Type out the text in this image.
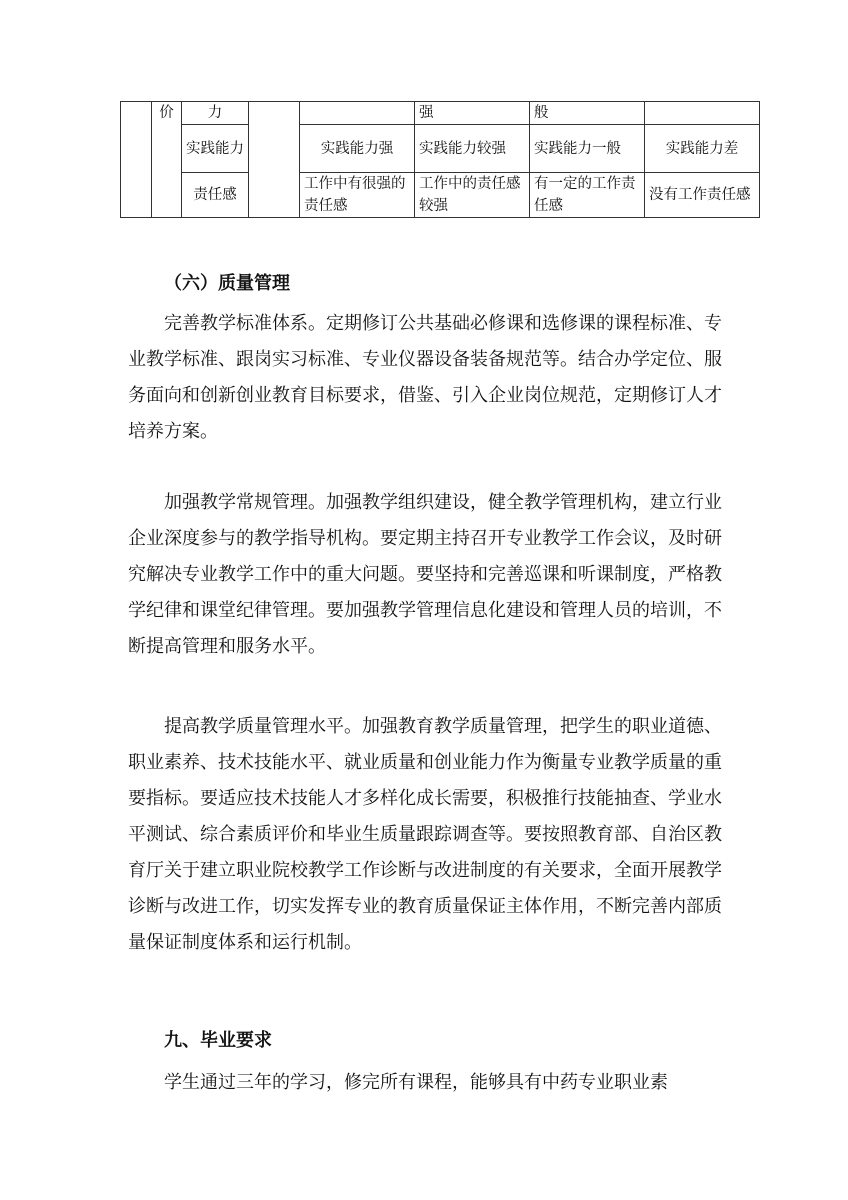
	价	力			强	般	
		实践能力		实践能力强	实践能力较强	实践能力一般	实践能力差
		责任感		工作中有很强的责任感	工作中的责任感较强	有一定的工作责任感	没有工作责任感
（六）质量管理

完善教学标准体系。定期修订公共基础必修课和选修课的课程标准、专业教学标准、跟岗实习标准、专业仪器设备装备规范等。结合办学定位、服务面向和创新创业教育目标要求，借鉴、引入企业岗位规范，定期修订人才培养方案。

加强教学常规管理。加强教学组织建设，健全教学管理机构，建立行业企业深度参与的教学指导机构。要定期主持召开专业教学工作会议，及时研究解决专业教学工作中的重大问题。要坚持和完善巡课和听课制度，严格教学纪律和课堂纪律管理。要加强教学管理信息化建设和管理人员的培训，不断提高管理和服务水平。

提高教学质量管理水平。加强教育教学质量管理，把学生的职业道德、职业素养、技术技能水平、就业质量和创业能力作为衡量专业教学质量的重要指标。要适应技术技能人才多样化成长需要，积极推行技能抽查、学业水平测试、综合素质评价和毕业生质量跟踪调查等。要按照教育部、自治区教育厅关于建立职业院校教学工作诊断与改进制度的有关要求，全面开展教学诊断与改进工作，切实发挥专业的教育质量保证主体作用，不断完善内部质量保证制度体系和运行机制。

九、毕业要求

学生通过三年的学习，修完所有课程，能够具有中药专业职业素
